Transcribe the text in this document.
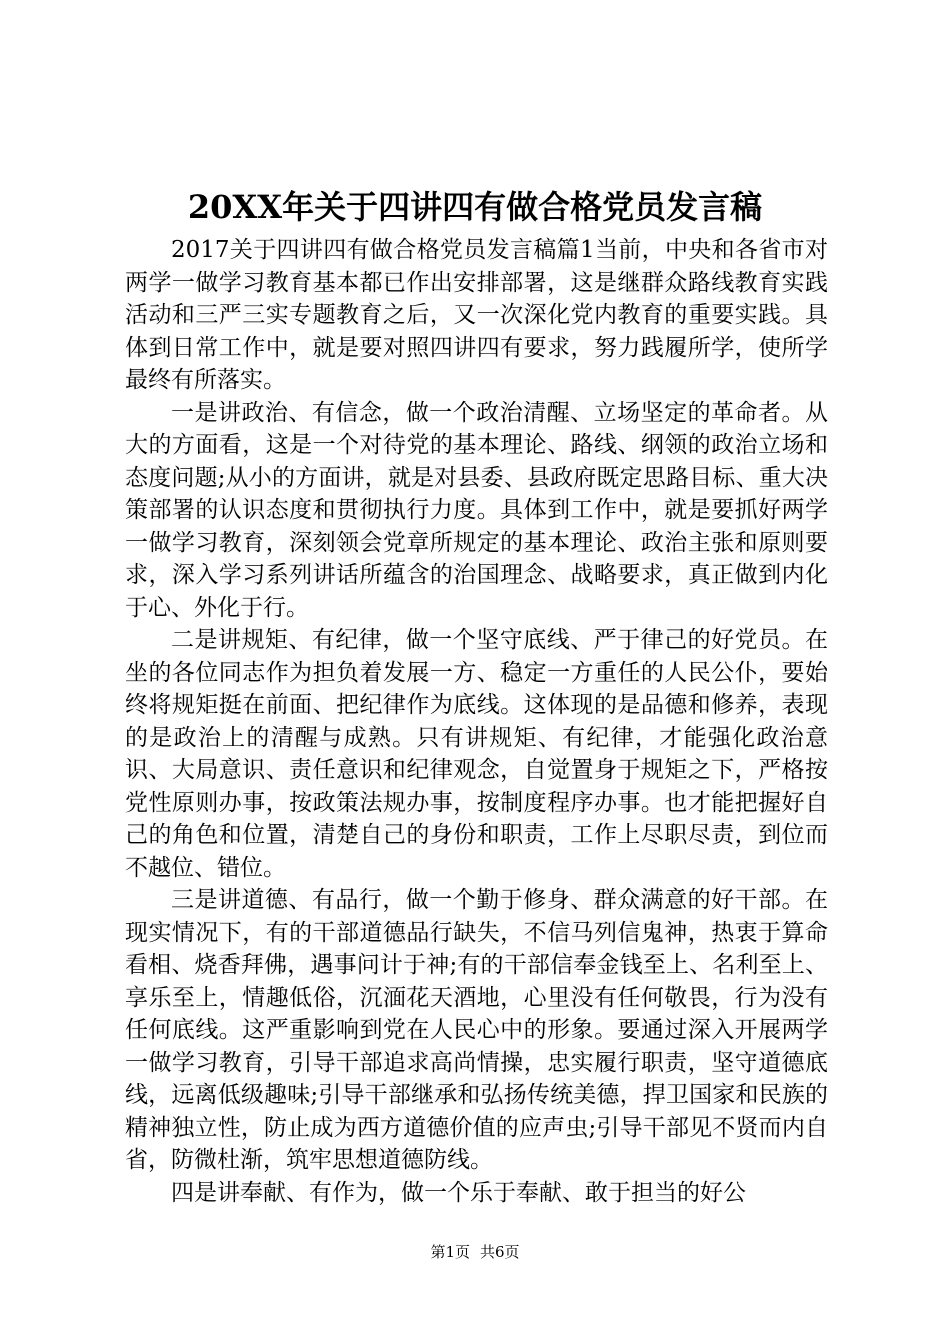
20XX年关于四讲四有做合格党员发言稿

2017关于四讲四有做合格党员发言稿篇1当前，中央和各省市对两学一做学习教育基本都已作出安排部署，这是继群众路线教育实践活动和三严三实专题教育之后，又一次深化党内教育的重要实践。具体到日常工作中，就是要对照四讲四有要求，努力践履所学，使所学最终有所落实。

一是讲政治、有信念，做一个政治清醒、立场坚定的革命者。从大的方面看，这是一个对待党的基本理论、路线、纲领的政治立场和态度问题;从小的方面讲，就是对县委、县政府既定思路目标、重大决策部署的认识态度和贯彻执行力度。具体到工作中，就是要抓好两学一做学习教育，深刻领会党章所规定的基本理论、政治主张和原则要求，深入学习系列讲话所蕴含的治国理念、战略要求，真正做到内化于心、外化于行。

二是讲规矩、有纪律，做一个坚守底线、严于律己的好党员。在坐的各位同志作为担负着发展一方、稳定一方重任的人民公仆，要始终将规矩挺在前面、把纪律作为底线。这体现的是品德和修养，表现的是政治上的清醒与成熟。只有讲规矩、有纪律，才能强化政治意识、大局意识、责任意识和纪律观念，自觉置身于规矩之下，严格按党性原则办事，按政策法规办事，按制度程序办事。也才能把握好自己的角色和位置，清楚自己的身份和职责，工作上尽职尽责，到位而不越位、错位。

三是讲道德、有品行，做一个勤于修身、群众满意的好干部。在现实情况下，有的干部道德品行缺失，不信马列信鬼神，热衷于算命看相、烧香拜佛，遇事问计于神;有的干部信奉金钱至上、名利至上、享乐至上，情趣低俗，沉湎花天酒地，心里没有任何敬畏，行为没有任何底线。这严重影响到党在人民心中的形象。要通过深入开展两学一做学习教育，引导干部追求高尚情操，忠实履行职责，坚守道德底线，远离低级趣味;引导干部继承和弘扬传统美德，捍卫国家和民族的精神独立性，防止成为西方道德价值的应声虫;引导干部见不贤而内自省，防微杜渐，筑牢思想道德防线。

四是讲奉献、有作为，做一个乐于奉献、敢于担当的好公

第1页 共6页
